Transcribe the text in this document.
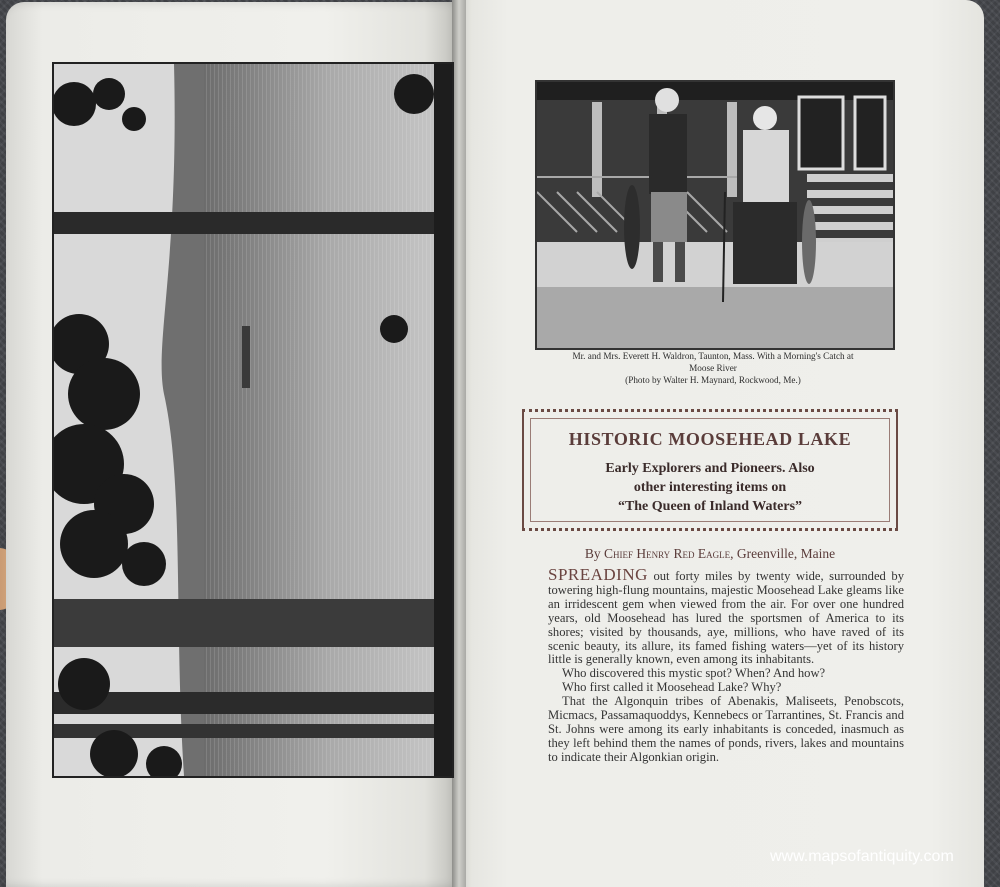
Mr. and Mrs. Everett H. Waldron, Taunton, Mass. With a Morning's Catch at
Moose River
(Photo by Walter H. Maynard, Rockwood, Me.)
HISTORIC MOOSEHEAD LAKE
Early Explorers and Pioneers. Also
other interesting items on
“The Queen of Inland Waters”
By Chief Henry Red Eagle, Greenville, Maine

SPREADING out forty miles by twenty wide, surrounded by towering high-flung mountains, majestic Moosehead Lake gleams like an irridescent gem when viewed from the air. For over one hundred years, old Moosehead has lured the sportsmen of America to its shores; visited by thousands, aye, millions, who have raved of its scenic beauty, its allure, its famed fishing waters—yet of its history little is generally known, even among its inhabitants.

Who discovered this mystic spot? When? And how?

Who first called it Moosehead Lake? Why?

That the Algonquin tribes of Abenakis, Maliseets, Penobscots, Micmacs, Passamaquoddys, Kennebecs or Tarrantines, St. Francis and St. Johns were among its early inhabitants is conceded, inasmuch as they left behind them the names of ponds, rivers, lakes and mountains to indicate their Algonkian origin.

www.mapsofantiquity.com
